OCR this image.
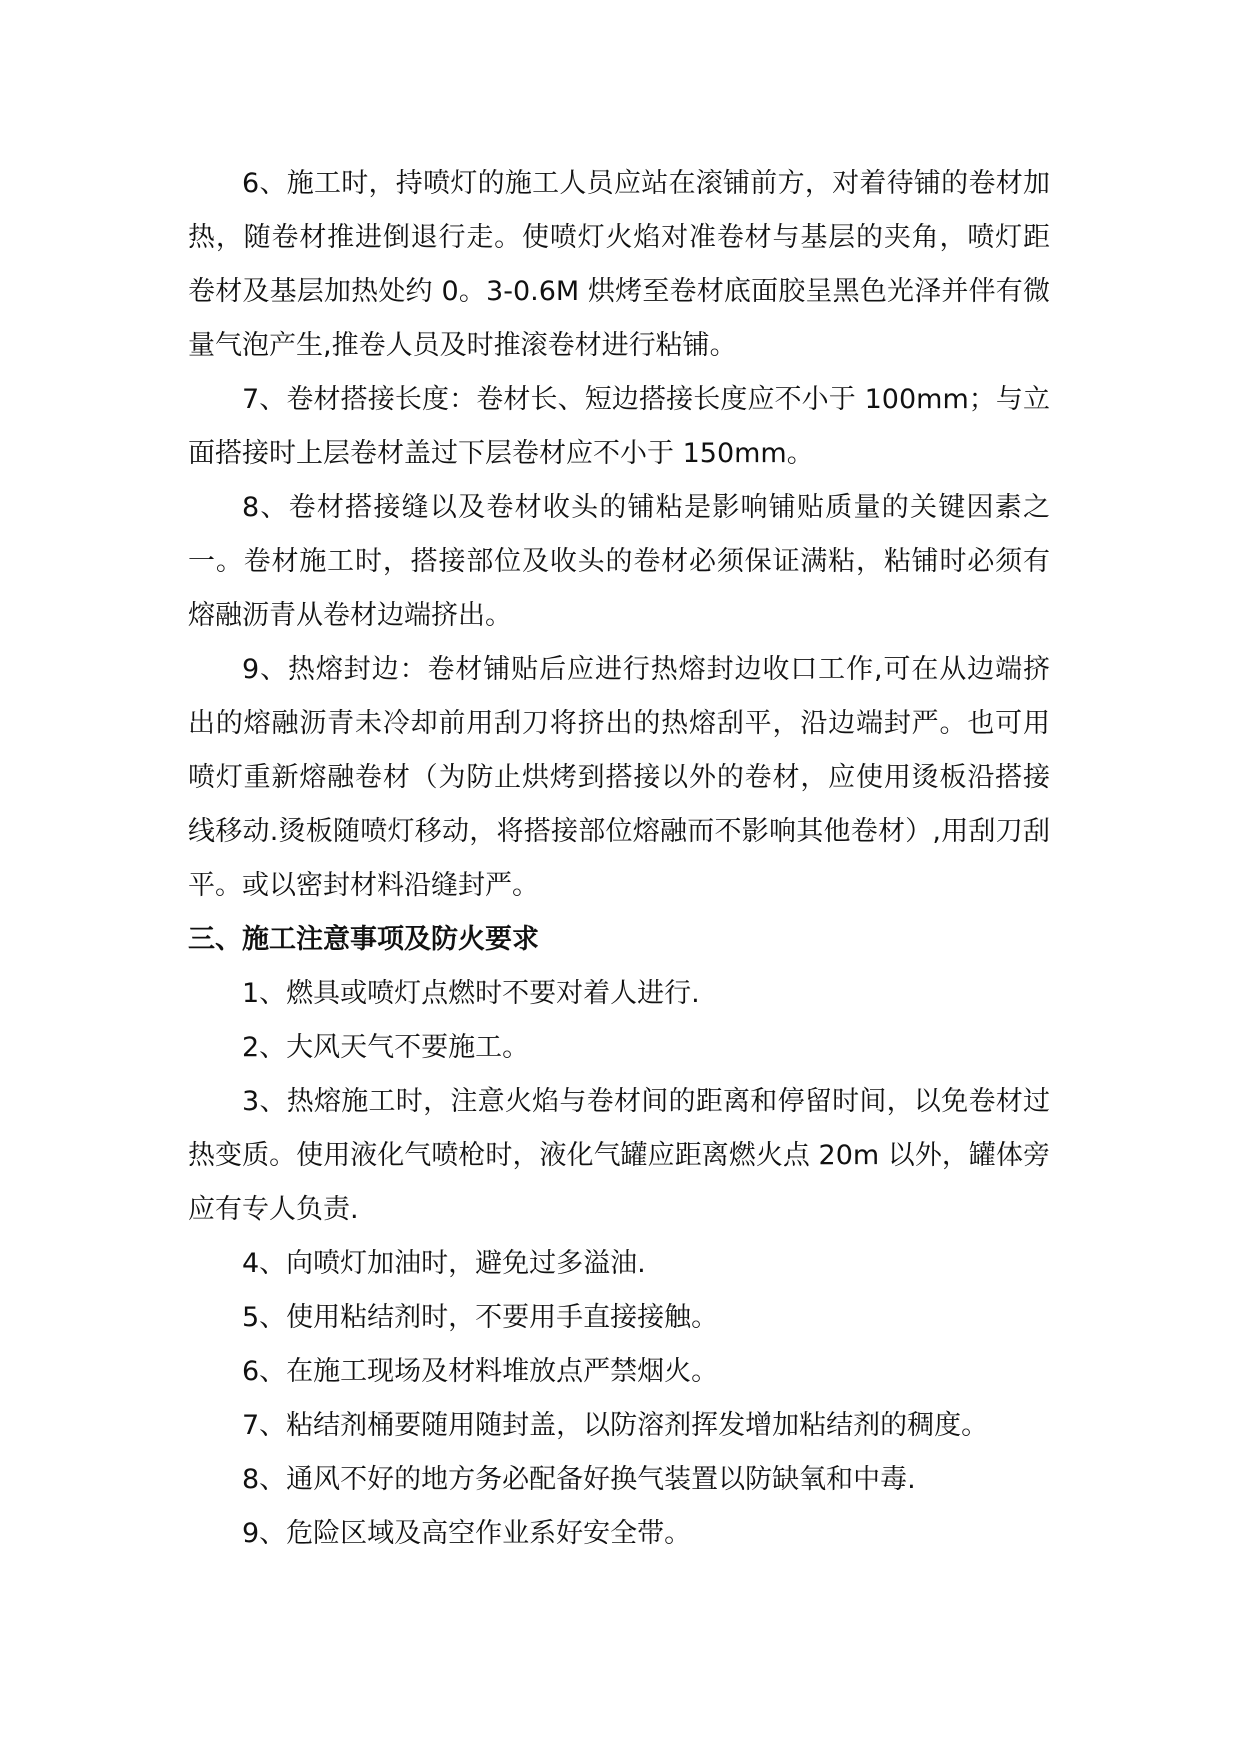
6、施工时，持喷灯的施工人员应站在滚铺前方，对着待铺的卷材加热，随卷材推进倒退行走。使喷灯火焰对准卷材与基层的夹角，喷灯距卷材及基层加热处约 0。3-0.6M 烘烤至卷材底面胶呈黑色光泽并伴有微量气泡产生,推卷人员及时推滚卷材进行粘铺。

7、卷材搭接长度：卷材长、短边搭接长度应不小于 100mm；与立面搭接时上层卷材盖过下层卷材应不小于 150mm。

8、卷材搭接缝以及卷材收头的铺粘是影响铺贴质量的关键因素之一。卷材施工时，搭接部位及收头的卷材必须保证满粘，粘铺时必须有熔融沥青从卷材边端挤出。

9、热熔封边：卷材铺贴后应进行热熔封边收口工作,可在从边端挤出的熔融沥青未冷却前用刮刀将挤出的热熔刮平，沿边端封严。也可用喷灯重新熔融卷材（为防止烘烤到搭接以外的卷材，应使用烫板沿搭接线移动.烫板随喷灯移动，将搭接部位熔融而不影响其他卷材）,用刮刀刮平。或以密封材料沿缝封严。

三、施工注意事项及防火要求

1、燃具或喷灯点燃时不要对着人进行.

2、大风天气不要施工。

3、热熔施工时，注意火焰与卷材间的距离和停留时间，以免卷材过热变质。使用液化气喷枪时，液化气罐应距离燃火点 20m 以外，罐体旁应有专人负责.

4、向喷灯加油时，避免过多溢油.

5、使用粘结剂时，不要用手直接接触。

6、在施工现场及材料堆放点严禁烟火。

7、粘结剂桶要随用随封盖，以防溶剂挥发增加粘结剂的稠度。

8、通风不好的地方务必配备好换气装置以防缺氧和中毒.

9、危险区域及高空作业系好安全带。
